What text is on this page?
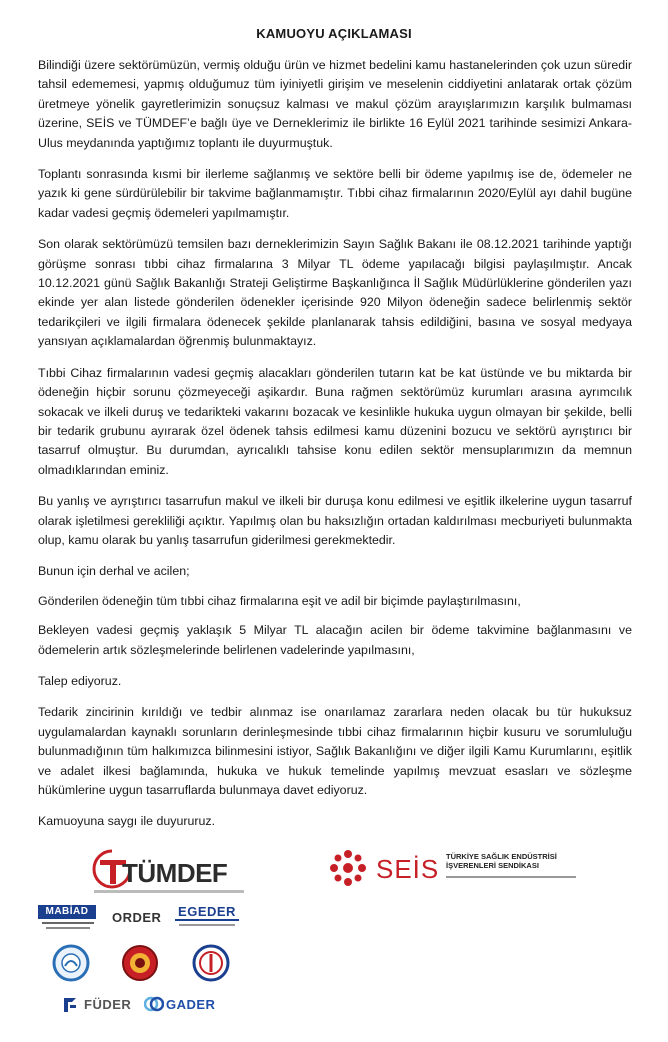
KAMUOYU AÇIKLAMASI

Bilindiği üzere sektörümüzün, vermiş olduğu ürün ve hizmet bedelini kamu hastanelerinden çok uzun süredir tahsil edememesi, yapmış olduğumuz tüm iyiniyetli girişim ve meselenin ciddiyetini anlatarak ortak çözüm üretmeye yönelik gayretlerimizin sonuçsuz kalması ve makul çözüm arayışlarımızın karşılık bulmaması üzerine, SEİS ve TÜMDEF’e bağlı üye ve Derneklerimiz ile birlikte 16 Eylül 2021 tarihinde sesimizi Ankara-Ulus meydanında yaptığımız toplantı ile duyurmuştuk.

Toplantı sonrasında kısmi bir ilerleme sağlanmış ve sektöre belli bir ödeme yapılmış ise de, ödemeler ne yazık ki gene sürdürülebilir bir takvime bağlanmamıştır. Tıbbi cihaz firmalarının 2020/Eylül ayı dahil bugüne kadar vadesi geçmiş ödemeleri yapılmamıştır.

Son olarak sektörümüzü temsilen bazı derneklerimizin Sayın Sağlık Bakanı ile 08.12.2021 tarihinde yaptığı görüşme sonrası tıbbi cihaz firmalarına 3 Milyar TL ödeme yapılacağı bilgisi paylaşılmıştır. Ancak 10.12.2021 günü Sağlık Bakanlığı Strateji Geliştirme Başkanlığınca İl Sağlık Müdürlüklerine gönderilen yazı ekinde yer alan listede gönderilen ödenekler içerisinde 920 Milyon ödeneğin sadece belirlenmiş sektör tedarikçileri ve ilgili firmalara ödenecek şekilde planlanarak tahsis edildiğini, basına ve sosyal medyaya yansıyan açıklamalardan öğrenmiş bulunmaktayız.

Tıbbi Cihaz firmalarının vadesi geçmiş alacakları gönderilen tutarın kat be kat üstünde ve bu miktarda bir ödeneğin hiçbir sorunu çözmeyeceği aşikardır. Buna rağmen sektörümüz kurumları arasına ayrımcılık sokacak ve ilkeli duruş ve tedarikteki vakarını bozacak ve kesinlikle hukuka uygun olmayan bir şekilde, belli bir tedarik grubunu ayırarak özel ödenek tahsis edilmesi kamu düzenini bozucu ve sektörü ayrıştırıcı bir tasarruf olmuştur. Bu durumdan, ayrıcalıklı tahsise konu edilen sektör mensuplarımızın da memnun olmadıklarından eminiz.

Bu yanlış ve ayrıştırıcı tasarrufun makul ve ilkeli bir duruşa konu edilmesi ve eşitlik ilkelerine uygun tasarruf olarak işletilmesi gerekliliği açıktır. Yapılmış olan bu haksızlığın ortadan kaldırılması mecburiyeti bulunmakta olup, kamu olarak bu yanlış tasarrufun giderilmesi gerekmektedir.

Bunun için derhal ve acilen;

Gönderilen ödeneğin tüm tıbbi cihaz firmalarına eşit ve adil bir biçimde paylaştırılmasını,

Bekleyen vadesi geçmiş yaklaşık 5 Milyar TL alacağın acilen bir ödeme takvimine bağlanmasını ve ödemelerin artık sözleşmelerinde belirlenen vadelerinde yapılmasını,

Talep ediyoruz.

Tedarik zincirinin kırıldığı ve tedbir alınmaz ise onarılamaz zararlara neden olacak bu tür hukuksuz uygulamalardan kaynaklı sorunların derinleşmesinde tıbbi cihaz firmalarının hiçbir kusuru ve sorumluluğu bulunmadığının tüm halkımızca bilinmesini istiyor, Sağlık Bakanlığını ve diğer ilgili Kamu Kurumlarını, eşitlik ve adalet ilkesi bağlamında, hukuka ve hukuk temelinde yapılmış mevzuat esasları ve sözleşme hükümlerine uygun tasarruflarda bulunmaya davet ediyoruz.

Kamuoyuna saygı ile duyururuz.

TÜMDEF	SEİS TÜRKİYE SAĞLIK ENDÜSTRİSİ
İŞVERENLERİ SENDİKASI
MABİAD	ORDER	EGEDER
FÜDER	GADER
